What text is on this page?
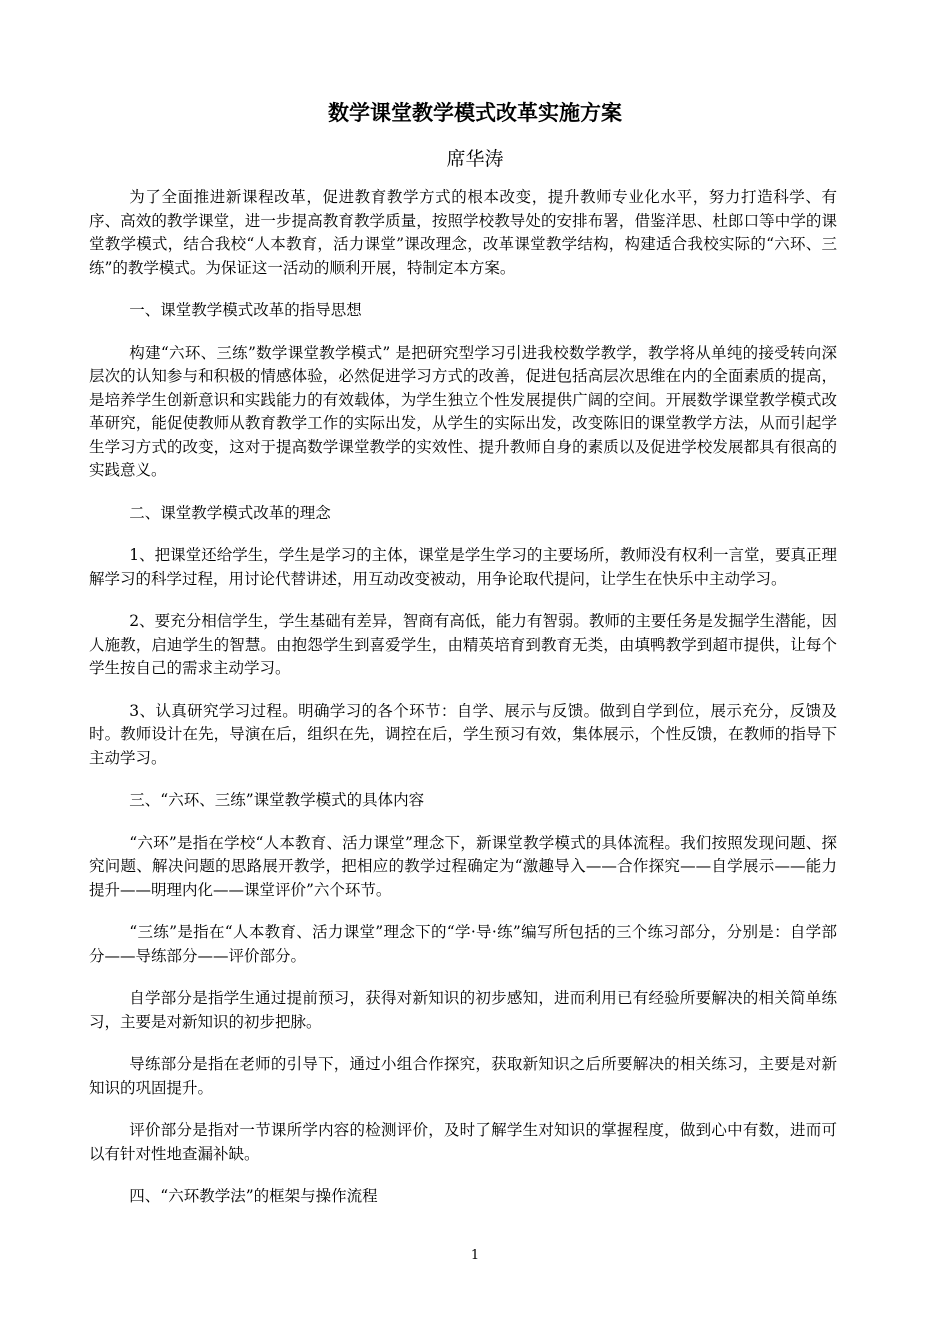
数学课堂教学模式改革实施方案
席华涛

为了全面推进新课程改革，促进教育教学方式的根本改变，提升教师专业化水平，努力打造科学、有序、高效的教学课堂，进一步提高教育教学质量，按照学校教导处的安排布署，借鉴洋思、杜郎口等中学的课堂教学模式，结合我校“人本教育，活力课堂”课改理念，改革课堂教学结构，构建适合我校实际的“六环、三练”的教学模式。为保证这一活动的顺利开展，特制定本方案。

一、课堂教学模式改革的指导思想

构建“六环、三练”数学课堂教学模式” 是把研究型学习引进我校数学教学，教学将从单纯的接受转向深层次的认知参与和积极的情感体验，必然促进学习方式的改善，促进包括高层次思维在内的全面素质的提高，是培养学生创新意识和实践能力的有效载体，为学生独立个性发展提供广阔的空间。开展数学课堂教学模式改革研究，能促使教师从教育教学工作的实际出发，从学生的实际出发，改变陈旧的课堂教学方法，从而引起学生学习方式的改变，这对于提高数学课堂教学的实效性、提升教师自身的素质以及促进学校发展都具有很高的实践意义。

二、课堂教学模式改革的理念

1、把课堂还给学生，学生是学习的主体，课堂是学生学习的主要场所，教师没有权利一言堂，要真正理解学习的科学过程，用讨论代替讲述，用互动改变被动，用争论取代提问，让学生在快乐中主动学习。

2、要充分相信学生，学生基础有差异，智商有高低，能力有智弱。教师的主要任务是发掘学生潜能，因人施教，启迪学生的智慧。由抱怨学生到喜爱学生，由精英培育到教育无类，由填鸭教学到超市提供，让每个学生按自己的需求主动学习。

3、认真研究学习过程。明确学习的各个环节：自学、展示与反馈。做到自学到位，展示充分，反馈及时。教师设计在先，导演在后，组织在先，调控在后，学生预习有效，集体展示，个性反馈，在教师的指导下主动学习。

三、“六环、三练”课堂教学模式的具体内容

“六环”是指在学校“人本教育、活力课堂”理念下，新课堂教学模式的具体流程。我们按照发现问题、探究问题、解决问题的思路展开教学，把相应的教学过程确定为“激趣导入——合作探究——自学展示——能力提升——明理内化——课堂评价”六个环节。

“三练”是指在“人本教育、活力课堂”理念下的“学·导·练”编写所包括的三个练习部分，分别是：自学部分——导练部分——评价部分。

自学部分是指学生通过提前预习，获得对新知识的初步感知，进而利用已有经验所要解决的相关简单练习，主要是对新知识的初步把脉。

导练部分是指在老师的引导下，通过小组合作探究，获取新知识之后所要解决的相关练习，主要是对新知识的巩固提升。

评价部分是指对一节课所学内容的检测评价，及时了解学生对知识的掌握程度，做到心中有数，进而可以有针对性地查漏补缺。

四、“六环教学法”的框架与操作流程

1
